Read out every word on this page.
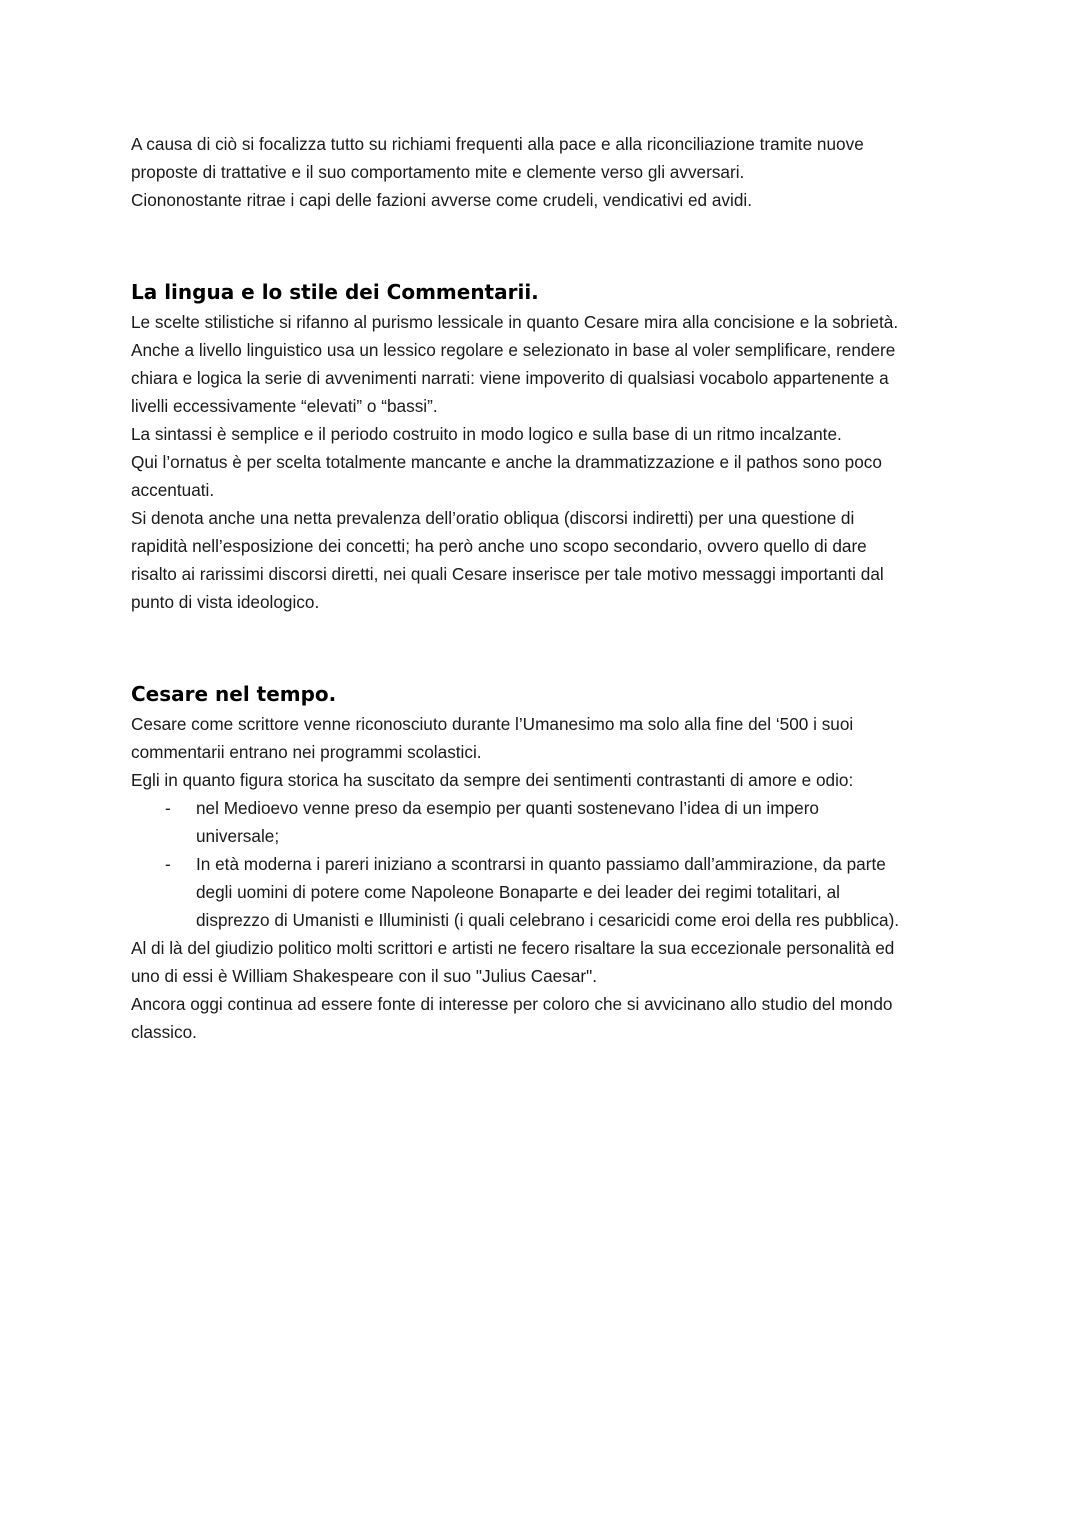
A causa di ciò si focalizza tutto su richiami frequenti alla pace e alla riconciliazione tramite nuove
proposte di trattative e il suo comportamento mite e clemente verso gli avversari.
Ciononostante ritrae i capi delle fazioni avverse come crudeli, vendicativi ed avidi.

La lingua e lo stile dei Commentarii.

Le scelte stilistiche si rifanno al purismo lessicale in quanto Cesare mira alla concisione e la sobrietà.
Anche a livello linguistico usa un lessico regolare e selezionato in base al voler semplificare, rendere
chiara e logica la serie di avvenimenti narrati: viene impoverito di qualsiasi vocabolo appartenente a
livelli eccessivamente “elevati” o “bassi”.
La sintassi è semplice e il periodo costruito in modo logico e sulla base di un ritmo incalzante.
Qui l’ornatus è per scelta totalmente mancante e anche la drammatizzazione e il pathos sono poco
accentuati.
Si denota anche una netta prevalenza dell’oratio obliqua (discorsi indiretti) per una questione di
rapidità nell’esposizione dei concetti; ha però anche uno scopo secondario, ovvero quello di dare
risalto ai rarissimi discorsi diretti, nei quali Cesare inserisce per tale motivo messaggi importanti dal
punto di vista ideologico.

Cesare nel tempo.

Cesare come scrittore venne riconosciuto durante l’Umanesimo ma solo alla fine del ‘500 i suoi
commentarii entrano nei programmi scolastici.
Egli in quanto figura storica ha suscitato da sempre dei sentimenti contrastanti di amore e odio:

- nel Medioevo venne preso da esempio per quanti sostenevano l’idea di un impero
universale;
- In età moderna i pareri iniziano a scontrarsi in quanto passiamo dall’ammirazione, da parte
degli uomini di potere come Napoleone Bonaparte e dei leader dei regimi totalitari, al
disprezzo di Umanisti e Illuministi (i quali celebrano i cesaricidi come eroi della res pubblica).

Al di là del giudizio politico molti scrittori e artisti ne fecero risaltare la sua eccezionale personalità ed
uno di essi è William Shakespeare con il suo "Julius Caesar".
Ancora oggi continua ad essere fonte di interesse per coloro che si avvicinano allo studio del mondo
classico.
